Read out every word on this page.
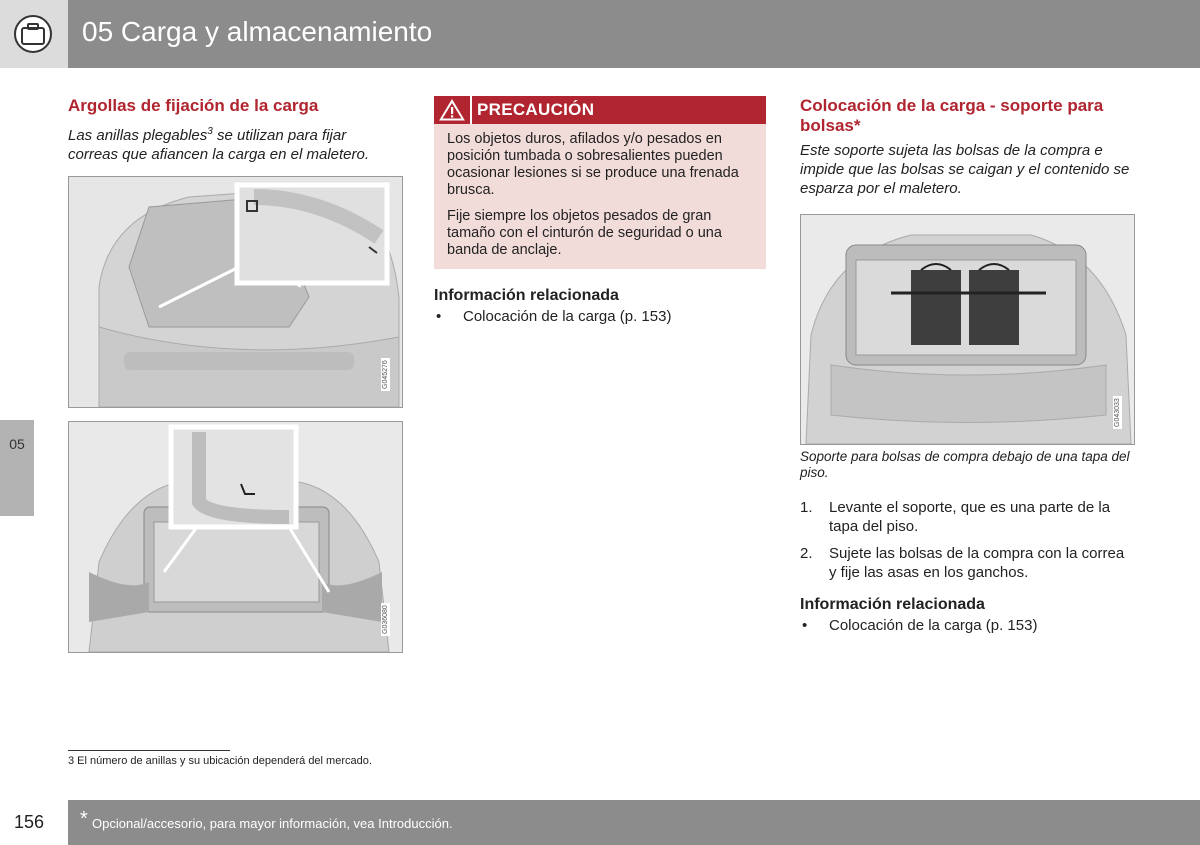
05 Carga y almacenamiento
05
Argollas de fijación de la carga
Las anillas plegables$^3$ se utilizan para fijar
correas que afiancen la carga en el maletero.
G045276
G036080
PRECAUCIÓN

Los objetos duros, afilados y/o pesados en posición tumbada o sobresalientes pueden ocasionar lesiones si se produce una frenada brusca.

Fije siempre los objetos pesados de gran tamaño con el cinturón de seguridad o una banda de anclaje.

Información relacionada
• Colocación de la carga (p. 153)
Colocación de la carga - soporte para bolsas*
Este soporte sujeta las bolsas de la compra e impide que las bolsas se caigan y el contenido se esparza por el maletero.
G043033
Soporte para bolsas de compra debajo de una tapa del piso.
1. Levante el soporte, que es una parte de la tapa del piso.
2. Sujete las bolsas de la compra con la correa y fije las asas en los ganchos.
Información relacionada
• Colocación de la carga (p. 153)
3 El número de anillas y su ubicación dependerá del mercado.
156 * Opcional/accesorio, para mayor información, vea Introducción.
